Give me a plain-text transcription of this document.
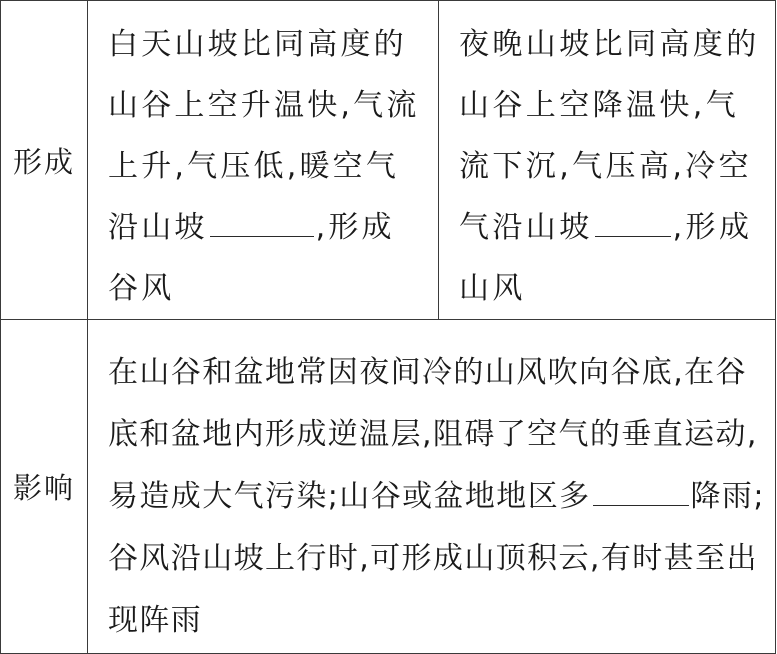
形成	白天山坡比同高度的山谷上空升温快,气流上升,气压低,暖空气沿山坡 ,形成谷风	夜晚山坡比同高度的山谷上空降温快,气流下沉,气压高,冷空气沿山坡 ,形成山风

影响	在山谷和盆地常因夜间冷的山风吹向谷底,在谷底和盆地内形成逆温层,阻碍了空气的垂直运动,易造成大气污染;山谷或盆地地区多 降雨;谷风沿山坡上行时,可形成山顶积云,有时甚至出现阵雨	
